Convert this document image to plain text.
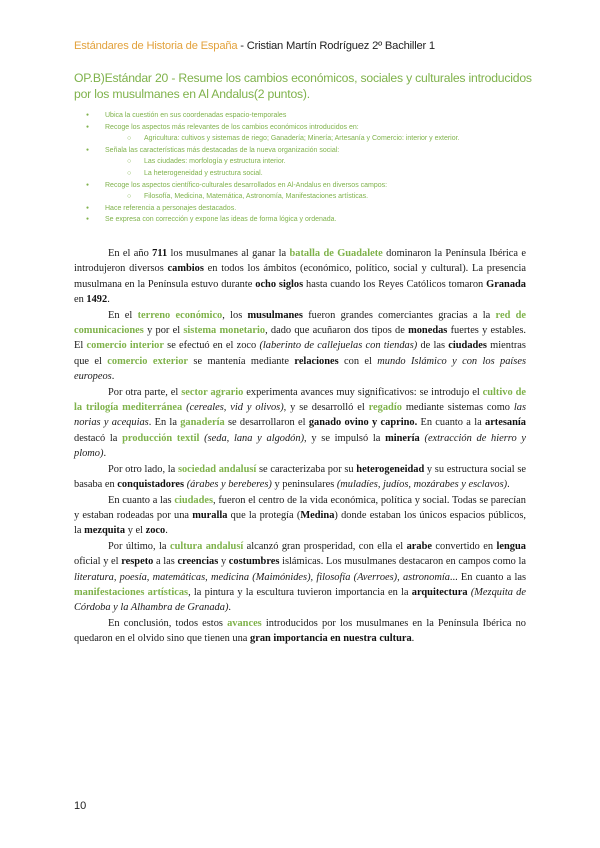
Estándares de Historia de España - Cristian Martín Rodríguez 2º Bachiller 1
OP.B)Estándar 20 - Resume los cambios económicos, sociales y culturales introducidos por los musulmanes en Al Andalus(2 puntos).
● Ubica la cuestión en sus coordenadas espacio-temporales
● Recoge los aspectos más relevantes de los cambios económicos introducidos en:
○ Agricultura: cultivos y sistemas de riego; Ganadería; Minería; Artesanía y Comercio: interior y exterior.
● Señala las características más destacadas de la nueva organización social:
○ Las ciudades: morfología y estructura interior.
○ La heterogeneidad y estructura social.
● Recoge los aspectos científico-culturales desarrollados en Al-Andalus en diversos campos:
○ Filosofía, Medicina, Matemática, Astronomía, Manifestaciones artísticas.
● Hace referencia a personajes destacados.
● Se expresa con corrección y expone las ideas de forma lógica y ordenada.

En el año 711 los musulmanes al ganar la batalla de Guadalete dominaron la Península Ibérica e introdujeron diversos cambios en todos los ámbitos (económico, político, social y cultural). La presencia musulmana en la Península estuvo durante ocho siglos hasta cuando los Reyes Católicos tomaron Granada en 1492.

En el terreno económico, los musulmanes fueron grandes comerciantes gracias a la red de comunicaciones y por el sistema monetario, dado que acuñaron dos tipos de monedas fuertes y estables. El comercio interior se efectuó en el zoco (laberinto de callejuelas con tiendas) de las ciudades mientras que el comercio exterior se mantenía mediante relaciones con el mundo Islámico y con los países europeos.

Por otra parte, el sector agrario experimenta avances muy significativos: se introdujo el cultivo de la trilogía mediterránea (cereales, vid y olivos), y se desarrolló el regadío mediante sistemas como las norias y acequias. En la ganadería se desarrollaron el ganado ovino y caprino. En cuanto a la artesanía destacó la producción textil (seda, lana y algodón), y se impulsó la minería (extracción de hierro y plomo).

Por otro lado, la sociedad andalusí se caracterizaba por su heterogeneidad y su estructura social se basaba en conquistadores (árabes y bereberes) y peninsulares (muladíes, judíos, mozárabes y esclavos).

En cuanto a las ciudades, fueron el centro de la vida económica, política y social. Todas se parecían y estaban rodeadas por una muralla que la protegía (Medina) donde estaban los únicos espacios públicos, la mezquita y el zoco.

Por último, la cultura andalusí alcanzó gran prosperidad, con ella el arabe convertido en lengua oficial y el respeto a las creencias y costumbres islámicas. Los musulmanes destacaron en campos como la literatura, poesía, matemáticas, medicina (Maimónides), filosofía (Averroes), astronomía... En cuanto a las manifestaciones artísticas, la pintura y la escultura tuvieron importancia en la arquitectura (Mezquita de Córdoba y la Alhambra de Granada).

En conclusión, todos estos avances introducidos por los musulmanes en la Península Ibérica no quedaron en el olvido sino que tienen una gran importancia en nuestra cultura.

10
